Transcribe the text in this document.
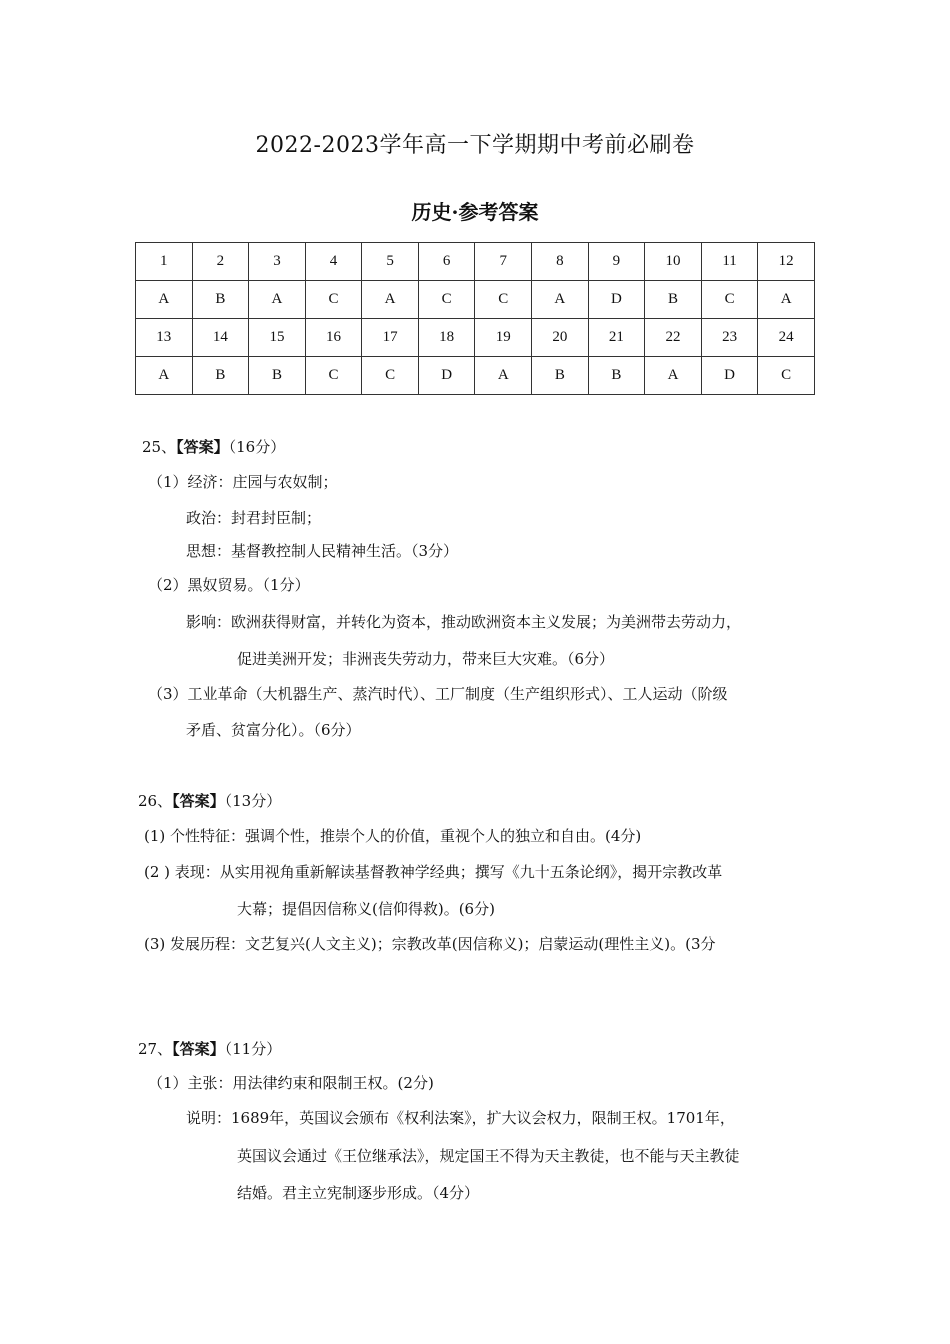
2022-2023学年高一下学期期中考前必刷卷
历史·参考答案
1	2	3	4	5	6	7	8	9	10	11	12
A	B	A	C	A	C	C	A	D	B	C	A
13	14	15	16	17	18	19	20	21	22	23	24
A	B	B	C	C	D	A	B	B	A	D	C
25、【答案】（16分）
（1）经济：庄园与农奴制；
政治：封君封臣制；
思想：基督教控制人民精神生活。（3分）
（2）黑奴贸易。（1分）
影响：欧洲获得财富，并转化为资本，推动欧洲资本主义发展；为美洲带去劳动力，
促进美洲开发；非洲丧失劳动力，带来巨大灾难。（6分）
（3）工业革命（大机器生产、蒸汽时代）、工厂制度（生产组织形式）、工人运动（阶级
矛盾、贫富分化）。（6分）
26、【答案】（13分）
(1) 个性特征：强调个性，推崇个人的价值，重视个人的独立和自由。(4分)
(2 ) 表现：从实用视角重新解读基督教神学经典；撰写《九十五条论纲》，揭开宗教改革
大幕；提倡因信称义(信仰得救)。(6分)
(3) 发展历程：文艺复兴(人文主义)；宗教改革(因信称义)；启蒙运动(理性主义)。(3分
27、【答案】（11分）
（1）主张：用法律约束和限制王权。(2分)
说明：1689年，英国议会颁布《权利法案》，扩大议会权力，限制王权。1701年，
英国议会通过《王位继承法》，规定国王不得为天主教徒，也不能与天主教徒
结婚。君主立宪制逐步形成。（4分）
